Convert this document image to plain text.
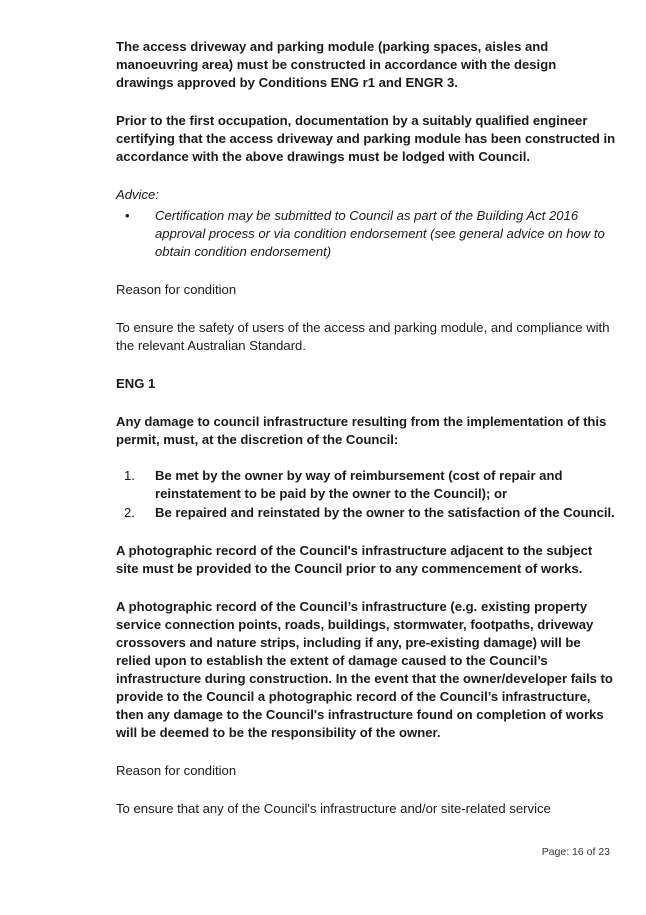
The access driveway and parking module (parking spaces, aisles and manoeuvring area) must be constructed in accordance with the design drawings approved by Conditions ENG r1 and ENGR 3.

Prior to the first occupation, documentation by a suitably qualified engineer certifying that the access driveway and parking module has been constructed in accordance with the above drawings must be lodged with Council.

Advice:

• Certification may be submitted to Council as part of the Building Act 2016 approval process or via condition endorsement (see general advice on how to obtain condition endorsement)

Reason for condition

To ensure the safety of users of the access and parking module, and compliance with the relevant Australian Standard.

ENG 1

Any damage to council infrastructure resulting from the implementation of this permit, must, at the discretion of the Council:

1. Be met by the owner by way of reimbursement (cost of repair and reinstatement to be paid by the owner to the Council); or
2. Be repaired and reinstated by the owner to the satisfaction of the Council.

A photographic record of the Council's infrastructure adjacent to the subject site must be provided to the Council prior to any commencement of works.

A photographic record of the Council’s infrastructure (e.g. existing property service connection points, roads, buildings, stormwater, footpaths, driveway crossovers and nature strips, including if any, pre-existing damage) will be relied upon to establish the extent of damage caused to the Council’s infrastructure during construction. In the event that the owner/developer fails to provide to the Council a photographic record of the Council’s infrastructure, then any damage to the Council's infrastructure found on completion of works will be deemed to be the responsibility of the owner.

Reason for condition

To ensure that any of the Council's infrastructure and/or site-related service

Page: 16 of 23
